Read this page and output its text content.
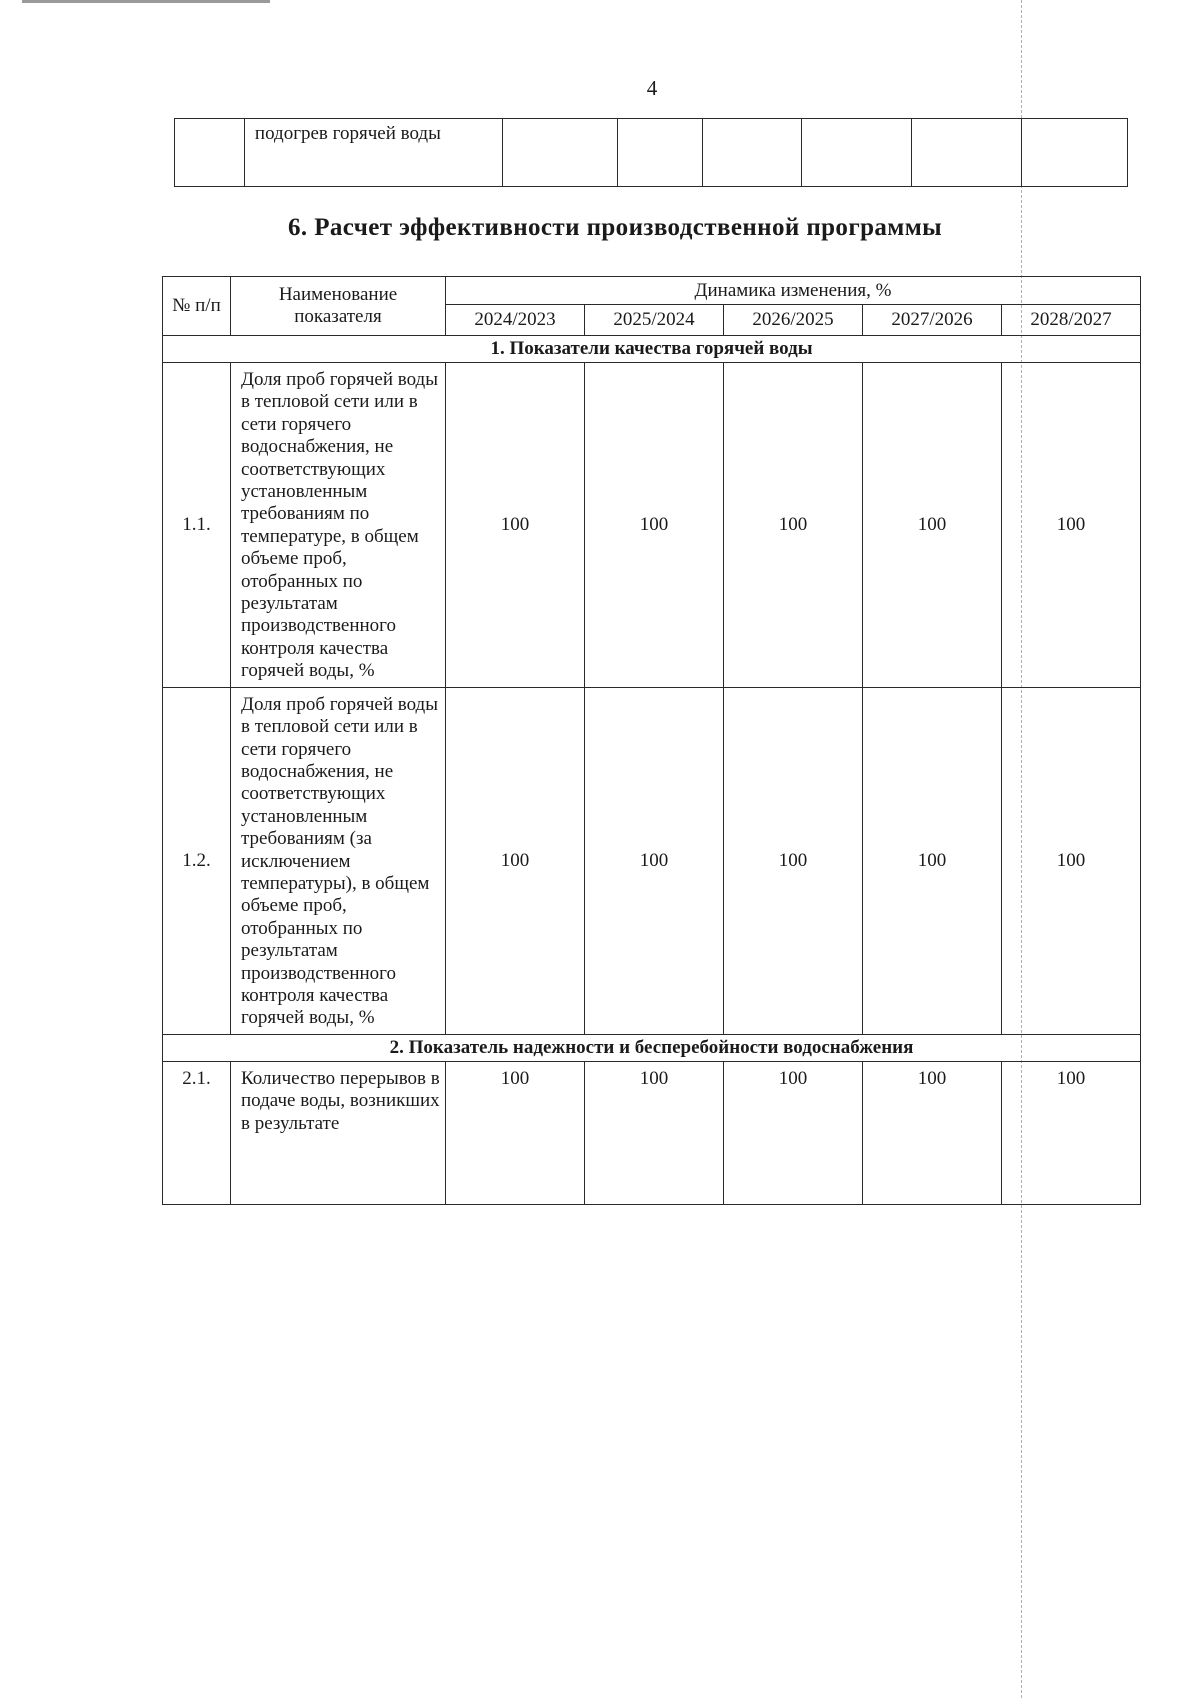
4
	подогрев горячей воды						
6. Расчет эффективности производственной программы
№ п/п	Наименование показателя	Динамика изменения, %				
		2024/2023	2025/2024	2026/2025	2027/2026	2028/2027
1. Показатели качества горячей воды						
1.1.	Доля проб горячей воды в тепловой сети или в сети горячего водоснабжения, не соответствующих установленным требованиям по температуре, в общем объеме проб, отобранных по результатам производственного контроля качества горячей воды, %	100	100	100	100	100
1.2.	Доля проб горячей воды в тепловой сети или в сети горячего водоснабжения, не соответствующих установленным требованиям (за исключением температуры), в общем объеме проб, отобранных по результатам производственного контроля качества горячей воды, %	100	100	100	100	100
2. Показатель надежности и бесперебойности водоснабжения						
2.1.	Количество перерывов в подаче воды, возникших в результате	100	100	100	100	100
